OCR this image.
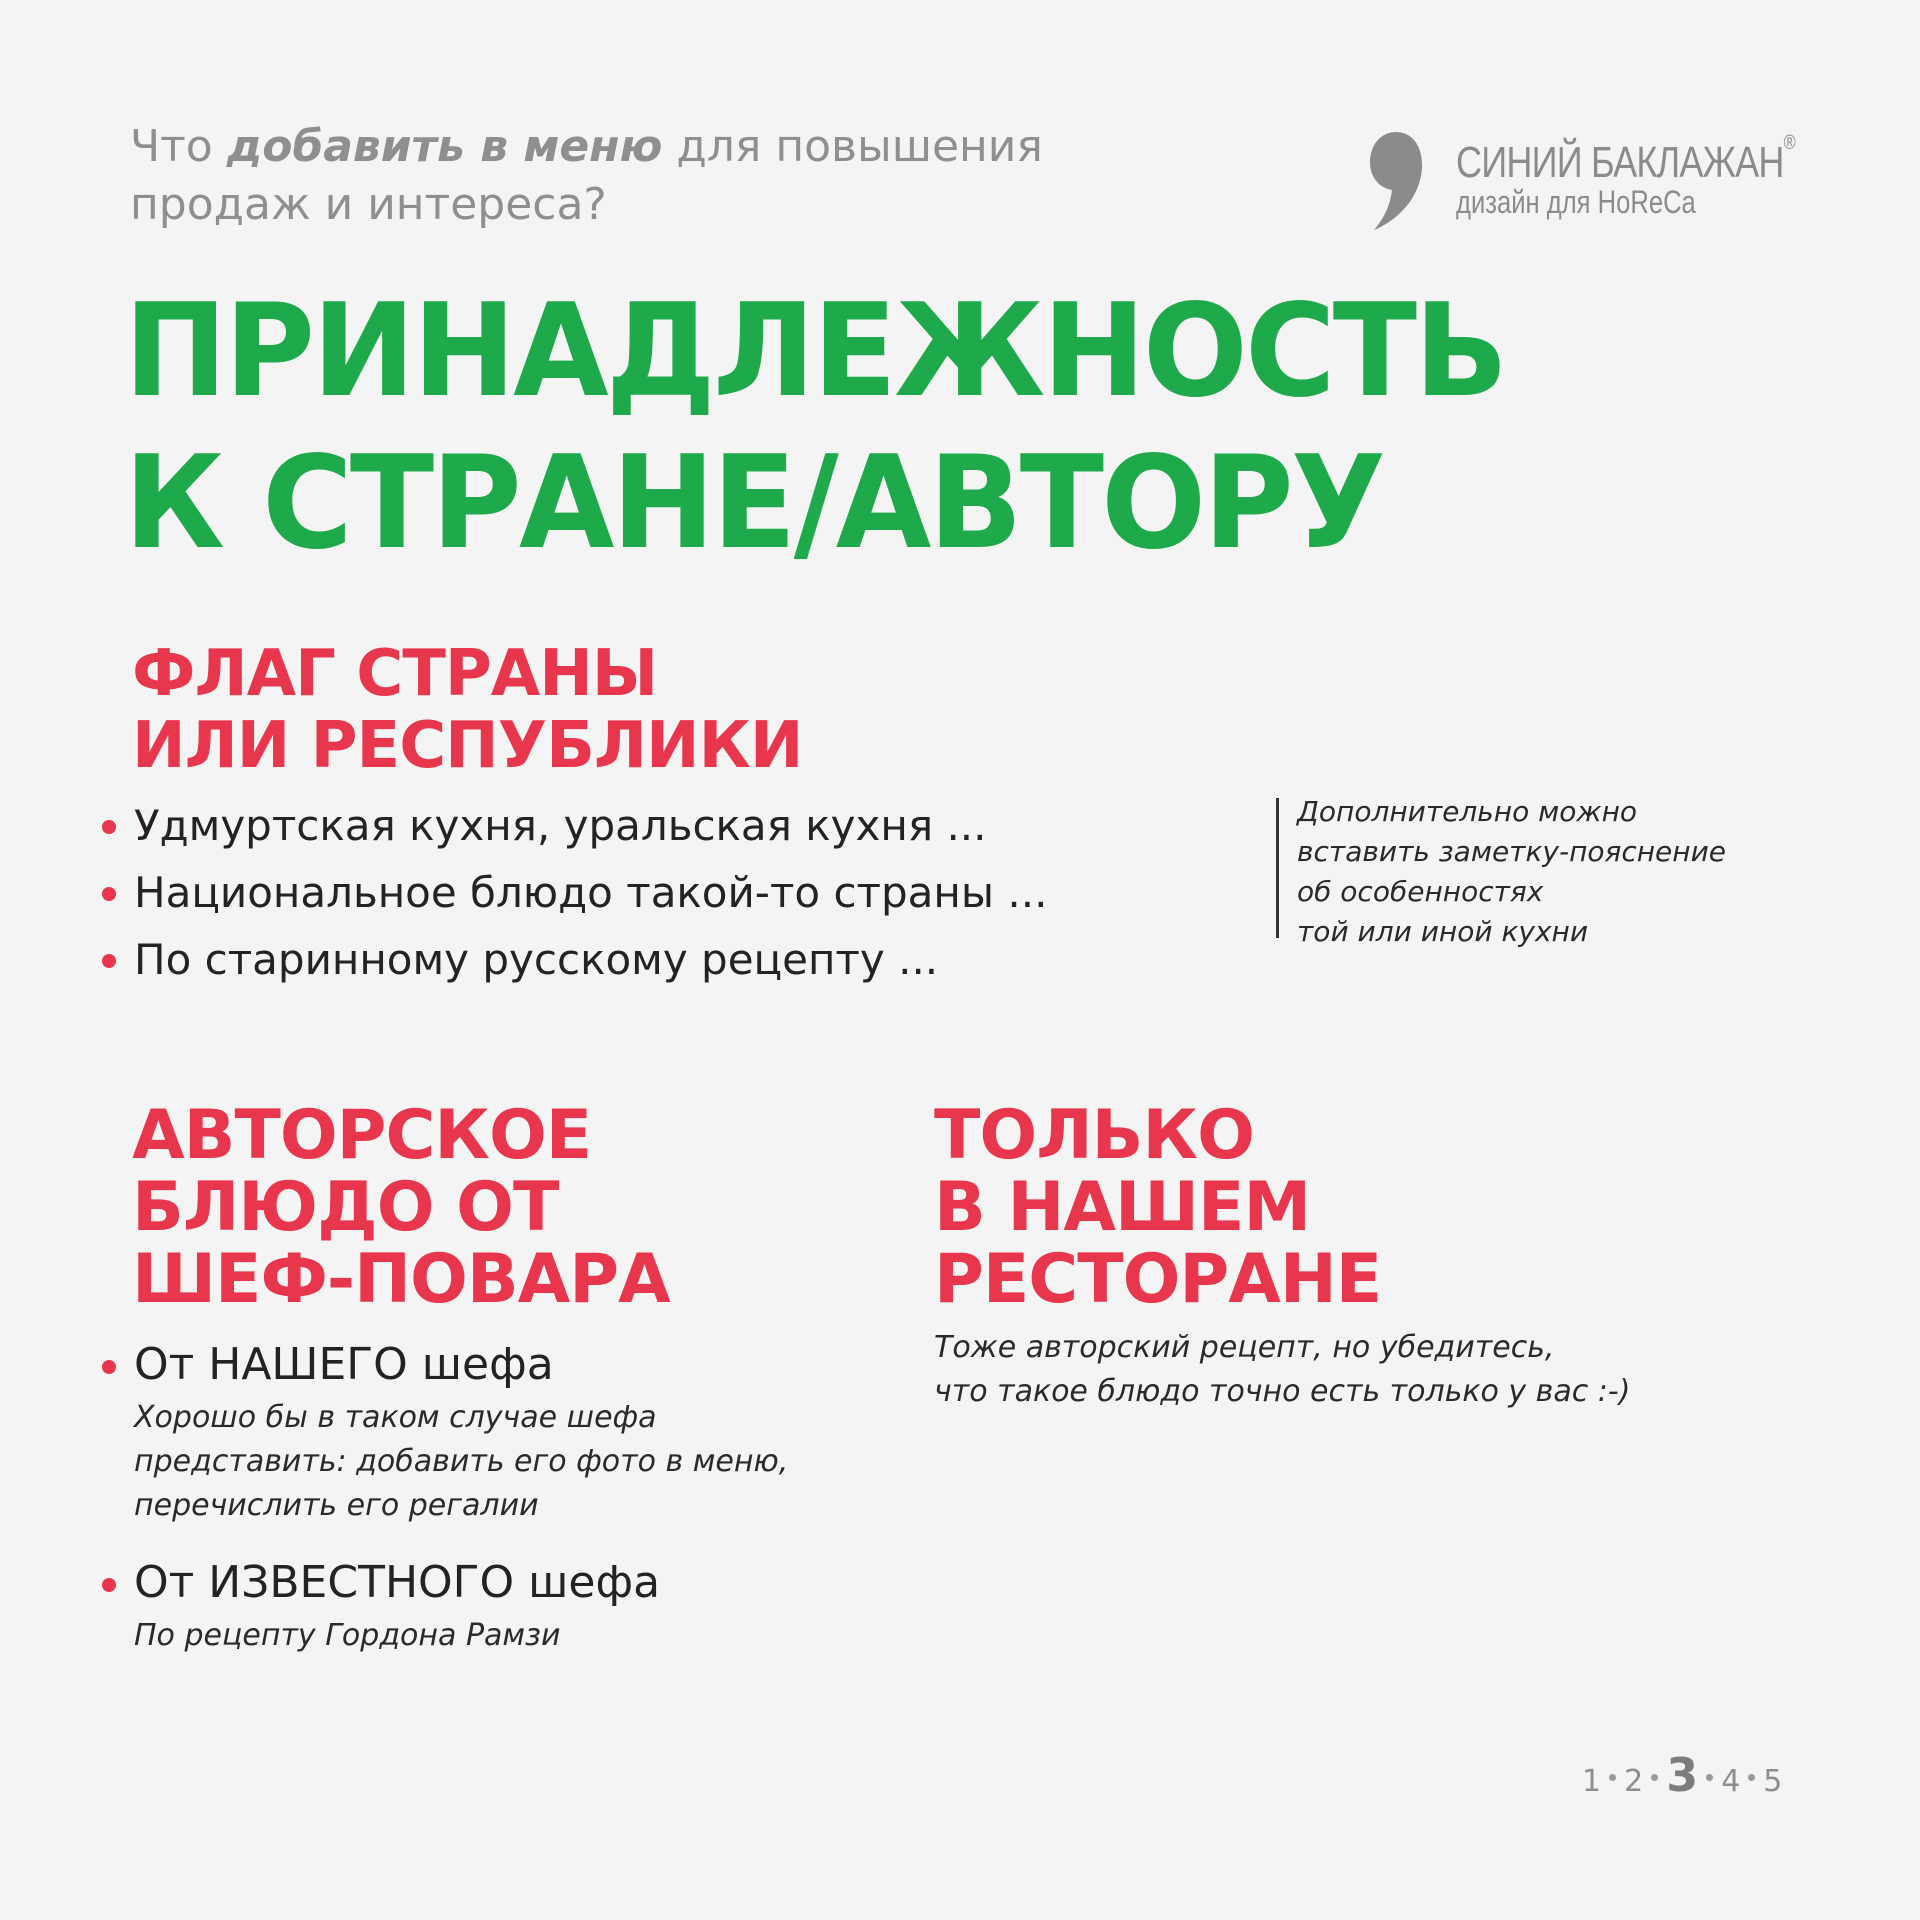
Что добавить в меню для повышения
продаж и интереса?
СИНИЙ БАКЛАЖАН®
дизайн для HoReCa
ПРИНАДЛЕЖНОСТЬ
К СТРАНЕ/АВТОРУ
ФЛАГ СТРАНЫ
ИЛИ РЕСПУБЛИКИ
Удмуртская кухня, уральская кухня ...
Национальное блюдо такой-то страны ...
По старинному русскому рецепту ...
Дополнительно можно
вставить заметку-пояснение
об особенностях
той или иной кухни
АВТОРСКОЕ
БЛЮДО ОТ
ШЕФ-ПОВАРА
От НАШЕГО шефа
Хорошо бы в таком случае шефа
представить: добавить его фото в меню,
перечислить его регалии
От ИЗВЕСТНОГО шефа
По рецепту Гордона Рамзи
ТОЛЬКО
В НАШЕМ
РЕСТОРАНЕ
Тоже авторский рецепт, но убедитесь,
что такое блюдо точно есть только у вас :-)
1 2 3 4 5
